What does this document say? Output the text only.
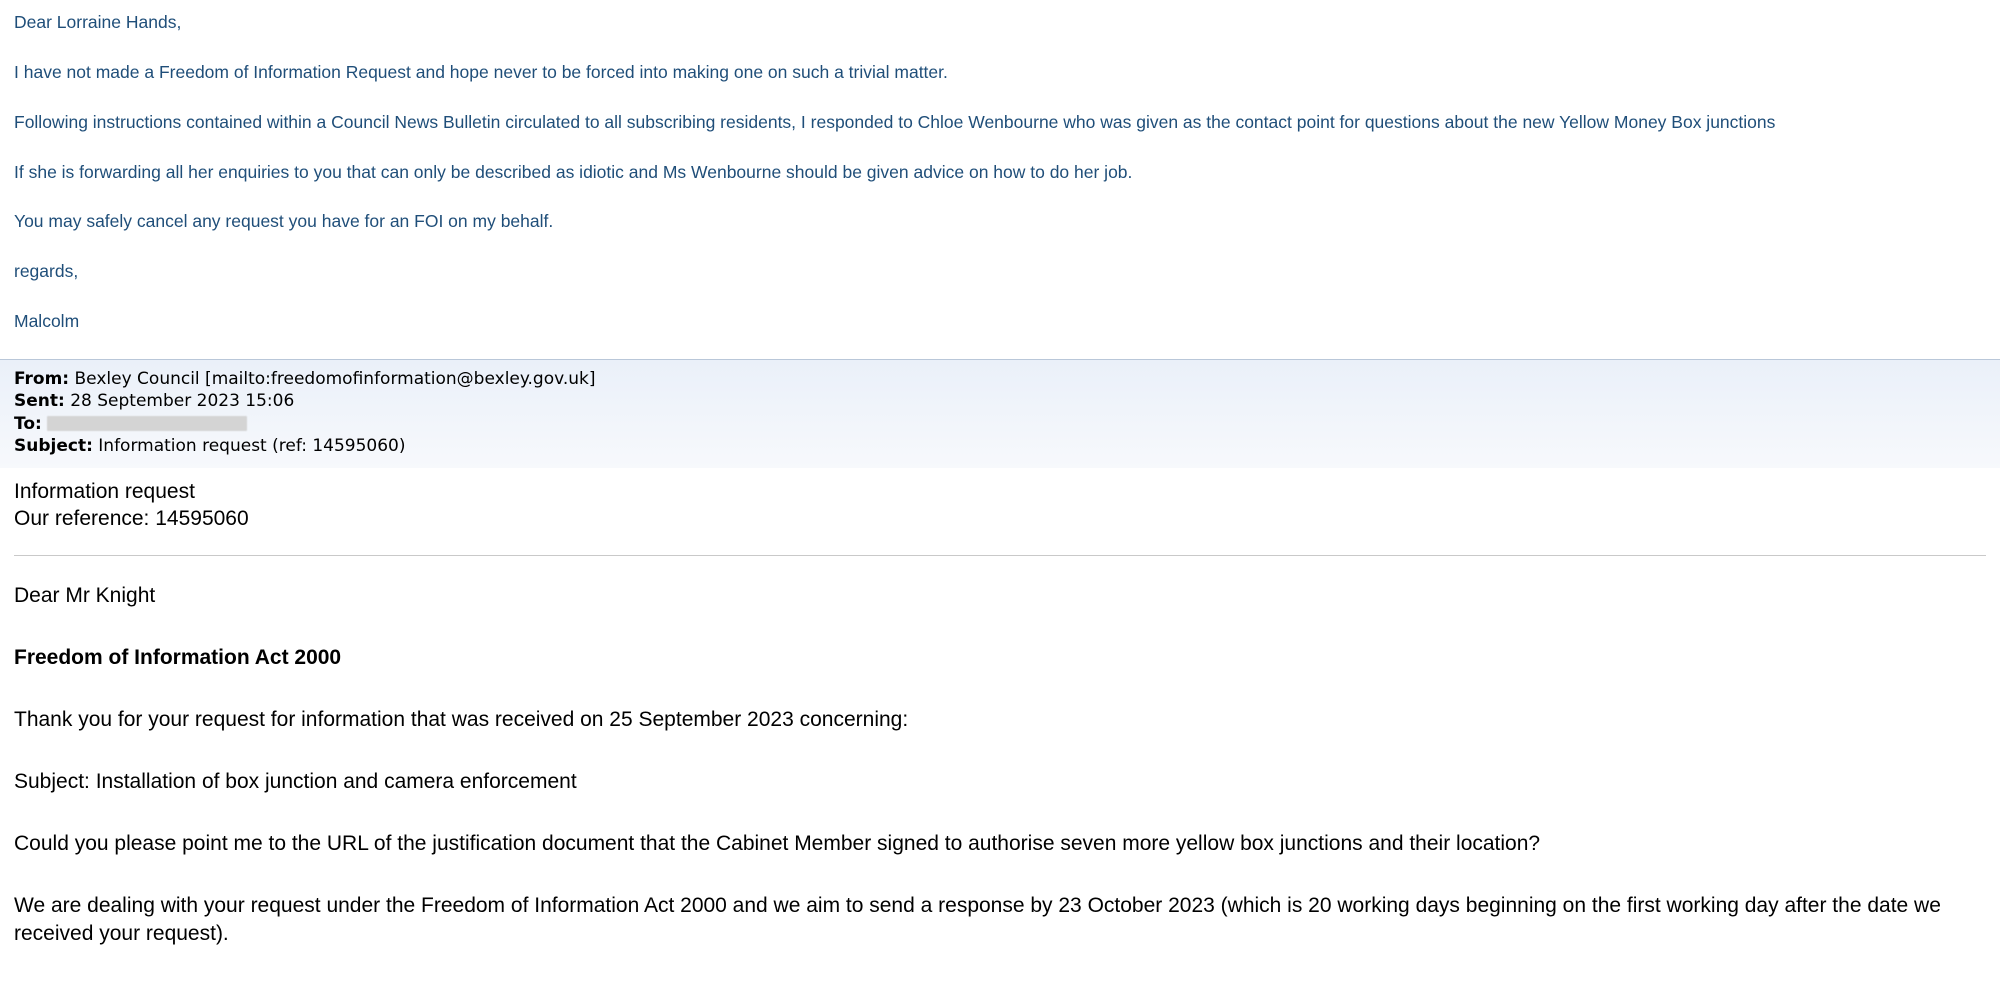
Dear Lorraine Hands,

I have not made a Freedom of Information Request and hope never to be forced into making one on such a trivial matter.

Following instructions contained within a Council News Bulletin circulated to all subscribing residents, I responded to Chloe Wenbourne who was given as the contact point for questions about the new Yellow Money Box junctions

If she is forwarding all her enquiries to you that can only be described as idiotic and Ms Wenbourne should be given advice on how to do her job.

You may safely cancel any request you have for an FOI on my behalf.

regards,

Malcolm

From: Bexley Council [mailto:freedomofinformation@bexley.gov.uk]
Sent: 28 September 2023 15:06
To:
Subject: Information request (ref: 14595060)
Information request
Our reference: 14595060

Dear Mr Knight

Freedom of Information Act 2000

Thank you for your request for information that was received on 25 September 2023 concerning:

Subject: Installation of box junction and camera enforcement

Could you please point me to the URL of the justification document that the Cabinet Member signed to authorise seven more yellow box junctions and their location?

We are dealing with your request under the Freedom of Information Act 2000 and we aim to send a response by 23 October 2023 (which is 20 working days beginning on the first working day after the date we received your request).
